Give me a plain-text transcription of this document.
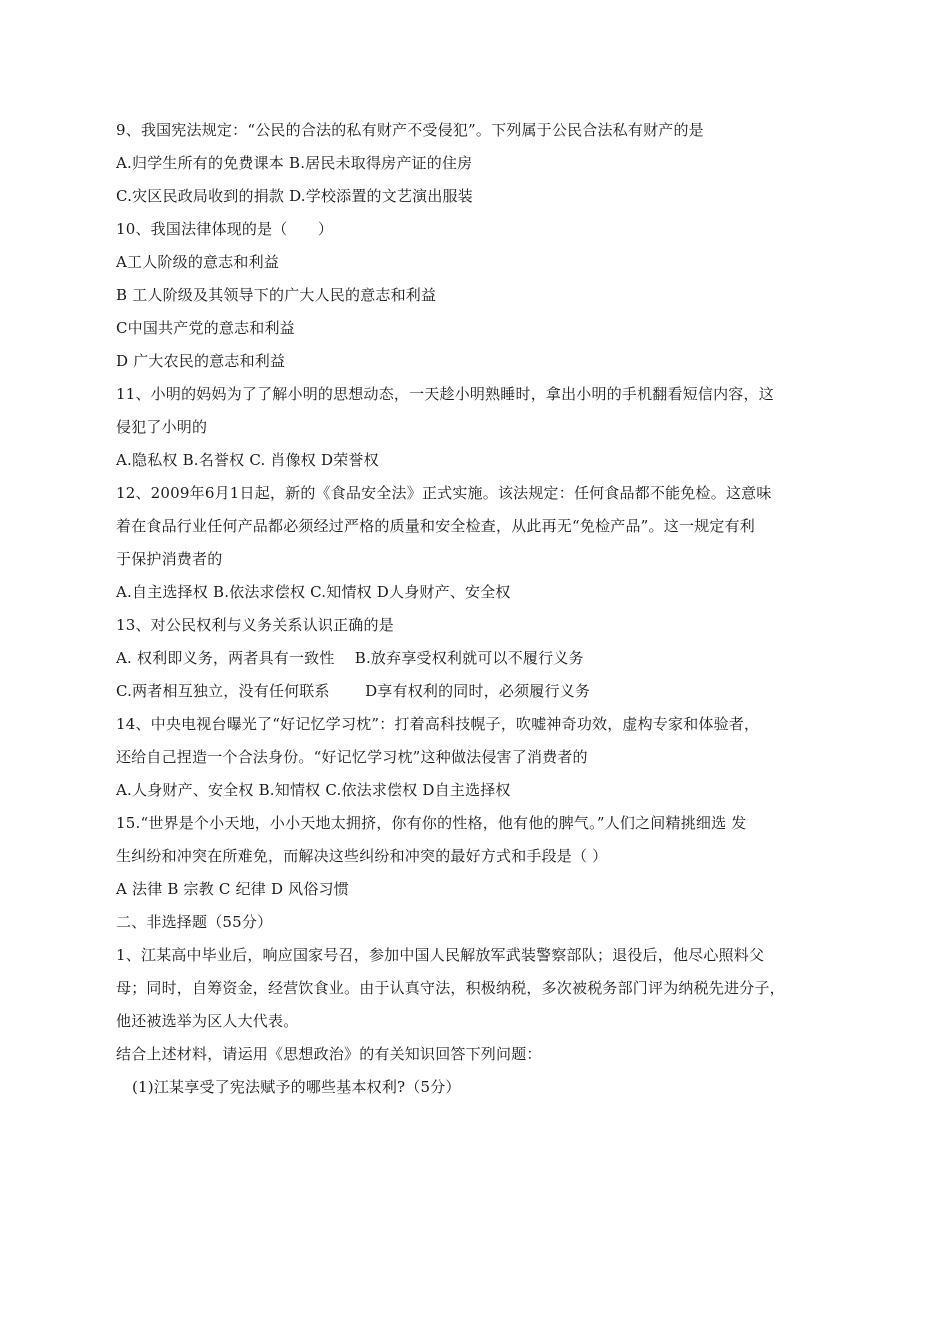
9、我国宪法规定：“公民的合法的私有财产不受侵犯”。下列属于公民合法私有财产的是
A.归学生所有的免费课本 B.居民未取得房产证的住房
C.灾区民政局收到的捐款 D.学校添置的文艺演出服装
10、我国法律体现的是（　　）
A工人阶级的意志和利益
B 工人阶级及其领导下的广大人民的意志和利益
C中国共产党的意志和利益
D 广大农民的意志和利益
11、小明的妈妈为了了解小明的思想动态，一天趁小明熟睡时，拿出小明的手机翻看短信内容，这
侵犯了小明的
A.隐私权 B.名誉权 C. 肖像权 D荣誉权
12、2009年6月1日起，新的《食品安全法》正式实施。该法规定：任何食品都不能免检。这意味
着在食品行业任何产品都必须经过严格的质量和安全检查，从此再无“免检产品”。这一规定有利
于保护消费者的
A.自主选择权 B.依法求偿权 C.知情权 D人身财产、安全权
13、对公民权利与义务关系认识正确的是
A. 权利即义务，两者具有一致性　 B.放弃享受权利就可以不履行义务
C.两者相互独立，没有任何联系　　 D享有权利的同时，必须履行义务
14、中央电视台曝光了“好记忆学习枕”：打着高科技幌子，吹嘘神奇功效，虚构专家和体验者，
还给自己捏造一个合法身份。“好记忆学习枕”这种做法侵害了消费者的
A.人身财产、安全权 B.知情权 C.依法求偿权 D自主选择权
15.“世界是个小天地，小小天地太拥挤，你有你的性格，他有他的脾气。”人们之间精挑细选 发
生纠纷和冲突在所难免，而解决这些纠纷和冲突的最好方式和手段是（ ）
A 法律 B 宗教 C 纪律 D 风俗习惯
二、非选择题（55分）
1、江某高中毕业后，响应国家号召，参加中国人民解放军武装警察部队；退役后，他尽心照料父
母；同时，自筹资金，经营饮食业。由于认真守法，积极纳税，多次被税务部门评为纳税先进分子，
他还被选举为区人大代表。
结合上述材料，请运用《思想政治》的有关知识回答下列问题：
(1)江某享受了宪法赋予的哪些基本权利?（5分）
